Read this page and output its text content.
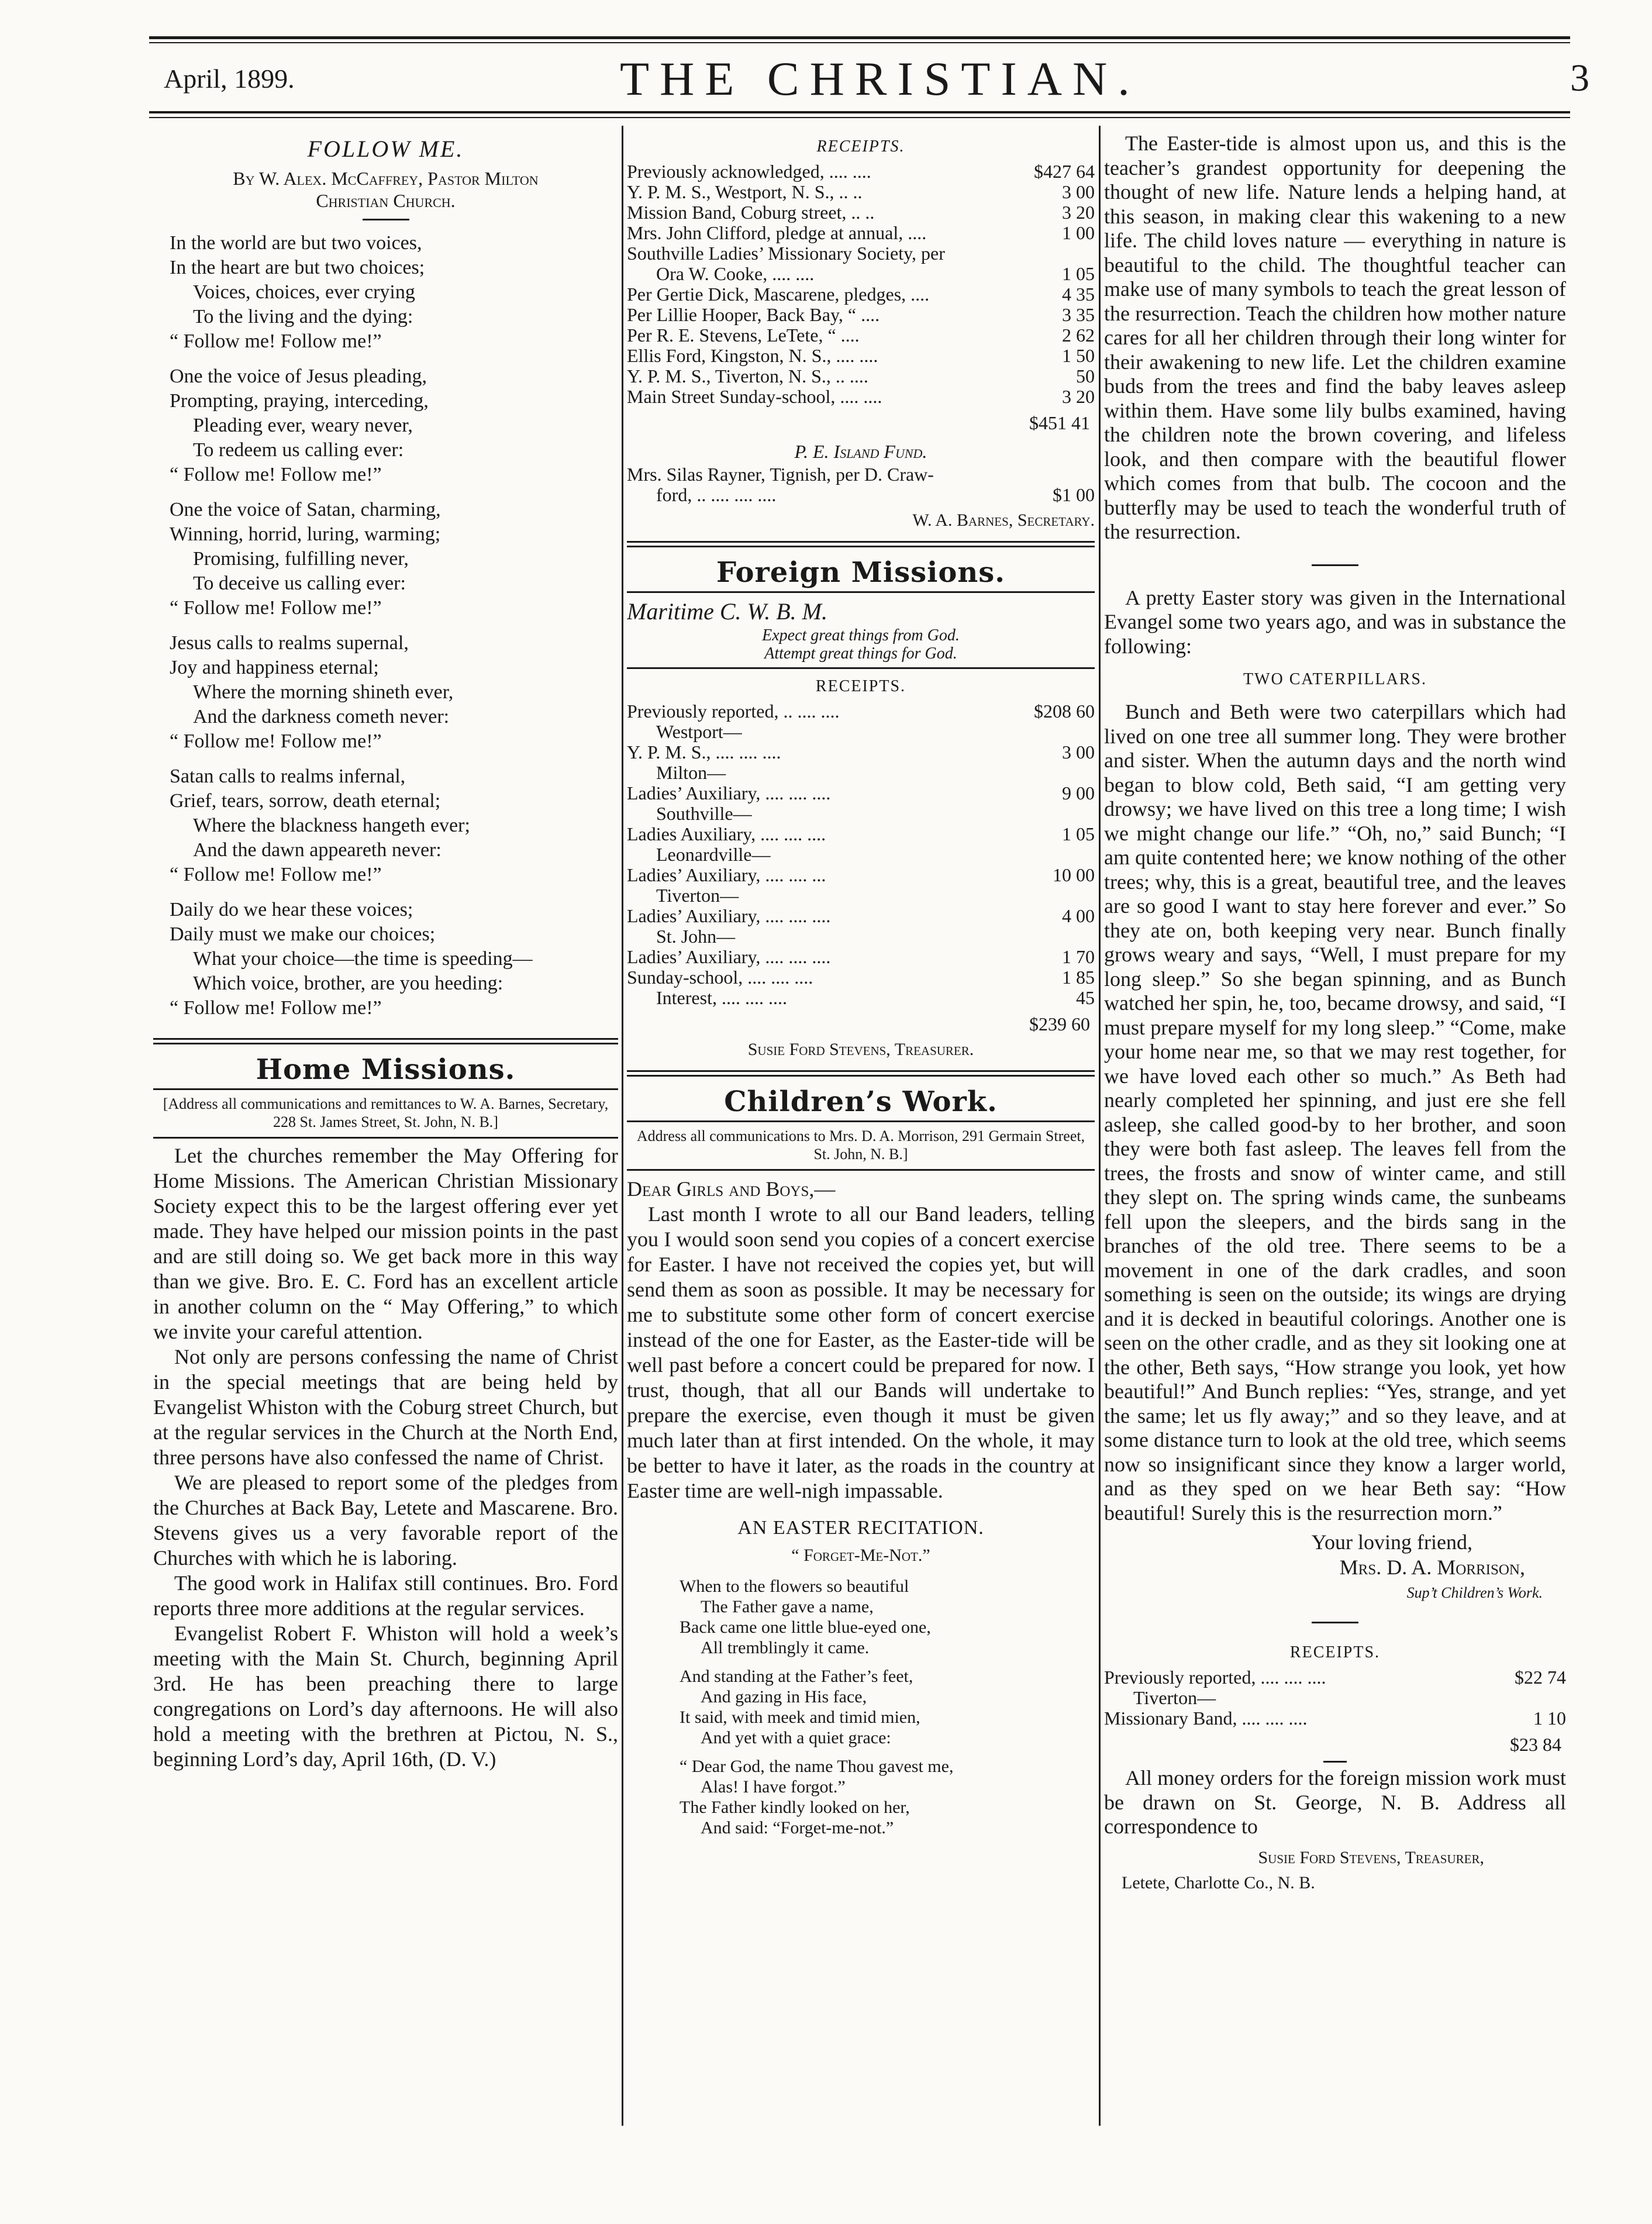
April, 1899.	THE CHRISTIAN.	3

FOLLOW ME.

By W. Alex. McCaffrey, Pastor Milton

Christian Church.

In the world are but two voices,

In the heart are but two choices;

Voices, choices, ever crying

To the living and the dying:

“ Follow me! Follow me!”

One the voice of Jesus pleading,

Prompting, praying, interceding,

Pleading ever, weary never,

To redeem us calling ever:

“ Follow me! Follow me!”

One the voice of Satan, charming,

Winning, horrid, luring, warming;

Promising, fulfilling never,

To deceive us calling ever:

“ Follow me! Follow me!”

Jesus calls to realms supernal,

Joy and happiness eternal;

Where the morning shineth ever,

And the darkness cometh never:

“ Follow me! Follow me!”

Satan calls to realms infernal,

Grief, tears, sorrow, death eternal;

Where the blackness hangeth ever;

And the dawn appeareth never:

“ Follow me! Follow me!”

Daily do we hear these voices;

Daily must we make our choices;

What your choice—the time is speeding—

Which voice, brother, are you heeding:

“ Follow me! Follow me!”

Home Missions.

[Address all communications and remittances to W. A. Barnes, Secretary, 228 St. James Street, St. John, N. B.]

Let the churches remember the May Offering for Home Missions. The American Christian Missionary Society expect this to be the largest offering ever yet made. They have helped our mission points in the past and are still doing so. We get back more in this way than we give. Bro. E. C. Ford has an excellent article in another column on the “ May Offering,” to which we invite your careful attention.

Not only are persons confessing the name of Christ in the special meetings that are being held by Evangelist Whiston with the Coburg street Church, but at the regular services in the Church at the North End, three persons have also confessed the name of Christ.

We are pleased to report some of the pledges from the Churches at Back Bay, Letete and Mascarene. Bro. Stevens gives us a very favorable report of the Churches with which he is laboring.

The good work in Halifax still continues. Bro. Ford reports three more additions at the regular services.

Evangelist Robert F. Whiston will hold a week’s meeting with the Main St. Church, beginning April 3rd. He has been preaching there to large congregations on Lord’s day afternoons. He will also hold a meeting with the brethren at Pictou, N. S., beginning Lord’s day, April 16th, (D. V.)

RECEIPTS.

Previously acknowledged, .... ....	$427 64
Y. P. M. S., Westport, N. S., .. ..	3 00
Mission Band, Coburg street, .. ..	3 20
Mrs. John Clifford, pledge at annual, ....	1 00
Southville Ladies’ Missionary Society, per
Ora W. Cooke, .... ....	1 05
Per Gertie Dick, Mascarene, pledges, ....	4 35
Per Lillie Hooper, Back Bay, “ ....	3 35
Per R. E. Stevens, LeTete, “ ....	2 62
Ellis Ford, Kingston, N. S., .... ....	1 50
Y. P. M. S., Tiverton, N. S., .. ....	50
Main Street Sunday-school, .... ....	3 20

$451 41

P. E. Island Fund.

Mrs. Silas Rayner, Tignish, per D. Craw-
ford, .. .... .... ....	$1 00

W. A. Barnes, Secretary.

Foreign Missions.

Maritime C. W. B. M.

Expect great things from God.

Attempt great things for God.

RECEIPTS.

Previously reported, .. .... ....	$208 60
Westport—
Y. P. M. S., .... .... ....	3 00
Milton—
Ladies’ Auxiliary, .... .... ....	9 00
Southville—
Ladies Auxiliary, .... .... ....	1 05
Leonardville—
Ladies’ Auxiliary, .... .... ...	10 00
Tiverton—
Ladies’ Auxiliary, .... .... ....	4 00
St. John—
Ladies’ Auxiliary, .... .... ....	1 70
Sunday-school, .... .... ....	1 85
Interest, .... .... ....	45

$239 60

Susie Ford Stevens, Treasurer.

Children’s Work.

Address all communications to Mrs. D. A. Morrison, 291 Germain Street, St. John, N. B.]

Dear Girls and Boys,—

Last month I wrote to all our Band leaders, telling you I would soon send you copies of a concert exercise for Easter. I have not received the copies yet, but will send them as soon as possible. It may be necessary for me to substitute some other form of concert exercise instead of the one for Easter, as the Easter-tide will be well past before a concert could be prepared for now. I trust, though, that all our Bands will undertake to prepare the exercise, even though it must be given much later than at first intended. On the whole, it may be better to have it later, as the roads in the country at Easter time are well-nigh impassable.

AN EASTER RECITATION.

“ Forget-Me-Not.”

When to the flowers so beautiful

The Father gave a name,

Back came one little blue-eyed one,

All tremblingly it came.

And standing at the Father’s feet,

And gazing in His face,

It said, with meek and timid mien,

And yet with a quiet grace:

“ Dear God, the name Thou gavest me,

Alas! I have forgot.”

The Father kindly looked on her,

And said: “Forget-me-not.”

The Easter-tide is almost upon us, and this is the teacher’s grandest opportunity for deepening the thought of new life. Nature lends a helping hand, at this season, in making clear this wakening to a new life. The child loves nature — everything in nature is beautiful to the child. The thoughtful teacher can make use of many symbols to teach the great lesson of the resurrection. Teach the children how mother nature cares for all her children through their long winter for their awakening to new life. Let the children examine buds from the trees and find the baby leaves asleep within them. Have some lily bulbs examined, having the children note the brown covering, and lifeless look, and then compare with the beautiful flower which comes from that bulb. The cocoon and the butterfly may be used to teach the wonderful truth of the resurrection.

A pretty Easter story was given in the International Evangel some two years ago, and was in substance the following:

TWO CATERPILLARS.

Bunch and Beth were two caterpillars which had lived on one tree all summer long. They were brother and sister. When the autumn days and the north wind began to blow cold, Beth said, “I am getting very drowsy; we have lived on this tree a long time; I wish we might change our life.” “Oh, no,” said Bunch; “I am quite contented here; we know nothing of the other trees; why, this is a great, beautiful tree, and the leaves are so good I want to stay here forever and ever.” So they ate on, both keeping very near. Bunch finally grows weary and says, “Well, I must prepare for my long sleep.” So she began spinning, and as Bunch watched her spin, he, too, became drowsy, and said, “I must prepare myself for my long sleep.” “Come, make your home near me, so that we may rest together, for we have loved each other so much.” As Beth had nearly completed her spinning, and just ere she fell asleep, she called good-by to her brother, and soon they were both fast asleep. The leaves fell from the trees, the frosts and snow of winter came, and still they slept on. The spring winds came, the sunbeams fell upon the sleepers, and the birds sang in the branches of the old tree. There seems to be a movement in one of the dark cradles, and soon something is seen on the outside; its wings are drying and it is decked in beautiful colorings. Another one is seen on the other cradle, and as they sit looking one at the other, Beth says, “How strange you look, yet how beautiful!” And Bunch replies: “Yes, strange, and yet the same; let us fly away;” and so they leave, and at some distance turn to look at the old tree, which seems now so insignificant since they know a larger world, and as they sped on we hear Beth say: “How beautiful! Surely this is the resurrection morn.”

Your loving friend,

Mrs. D. A. Morrison,

Sup’t Children’s Work.

RECEIPTS.

Previously reported, .... .... ....	$22 74
Tiverton—
Missionary Band, .... .... ....	1 10

$23 84

All money orders for the foreign mission work must be drawn on St. George, N. B. Address all correspondence to

Susie Ford Stevens, Treasurer,

Letete, Charlotte Co., N. B.
